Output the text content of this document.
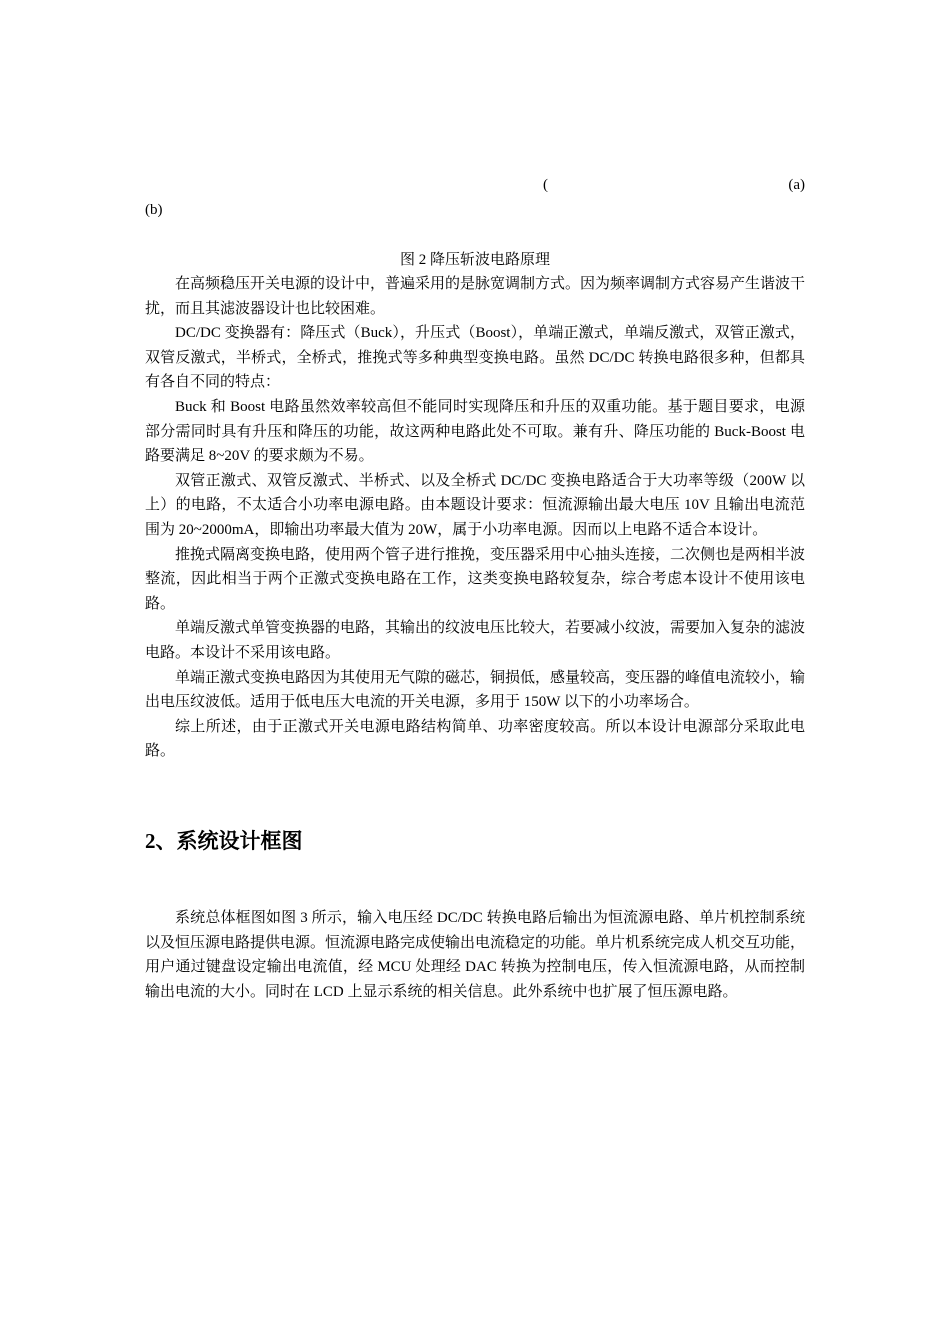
(	(a)
(b)
图 2 降压斩波电路原理

在高频稳压开关电源的设计中，普遍采用的是脉宽调制方式。因为频率调制方式容易产生谐波干扰，而且其滤波器设计也比较困难。

DC/DC 变换器有：降压式（Buck），升压式（Boost），单端正激式，单端反激式，双管正激式，双管反激式，半桥式，全桥式，推挽式等多种典型变换电路。虽然 DC/DC 转换电路很多种，但都具有各自不同的特点：

Buck 和 Boost 电路虽然效率较高但不能同时实现降压和升压的双重功能。基于题目要求，电源部分需同时具有升压和降压的功能，故这两种电路此处不可取。兼有升、降压功能的 Buck-Boost 电路要满足 8~20V 的要求颇为不易。

双管正激式、双管反激式、半桥式、以及全桥式 DC/DC 变换电路适合于大功率等级（200W 以上）的电路，不太适合小功率电源电路。由本题设计要求：恒流源输出最大电压 10V 且输出电流范围为 20~2000mA，即输出功率最大值为 20W，属于小功率电源。因而以上电路不适合本设计。

推挽式隔离变换电路，使用两个管子进行推挽，变压器采用中心抽头连接，二次侧也是两相半波整流，因此相当于两个正激式变换电路在工作，这类变换电路较复杂，综合考虑本设计不使用该电路。

单端反激式单管变换器的电路，其输出的纹波电压比较大，若要减小纹波，需要加入复杂的滤波电路。本设计不采用该电路。

单端正激式变换电路因为其使用无气隙的磁芯，铜损低，感量较高，变压器的峰值电流较小，输出电压纹波低。适用于低电压大电流的开关电源，多用于 150W 以下的小功率场合。

综上所述，由于正激式开关电源电路结构简单、功率密度较高。所以本设计电源部分采取此电路。

2、系统设计框图

系统总体框图如图 3 所示，输入电压经 DC/DC 转换电路后输出为恒流源电路、单片机控制系统以及恒压源电路提供电源。恒流源电路完成使输出电流稳定的功能。单片机系统完成人机交互功能，用户通过键盘设定输出电流值，经 MCU 处理经 DAC 转换为控制电压，传入恒流源电路，从而控制输出电流的大小。同时在 LCD 上显示系统的相关信息。此外系统中也扩展了恒压源电路。
